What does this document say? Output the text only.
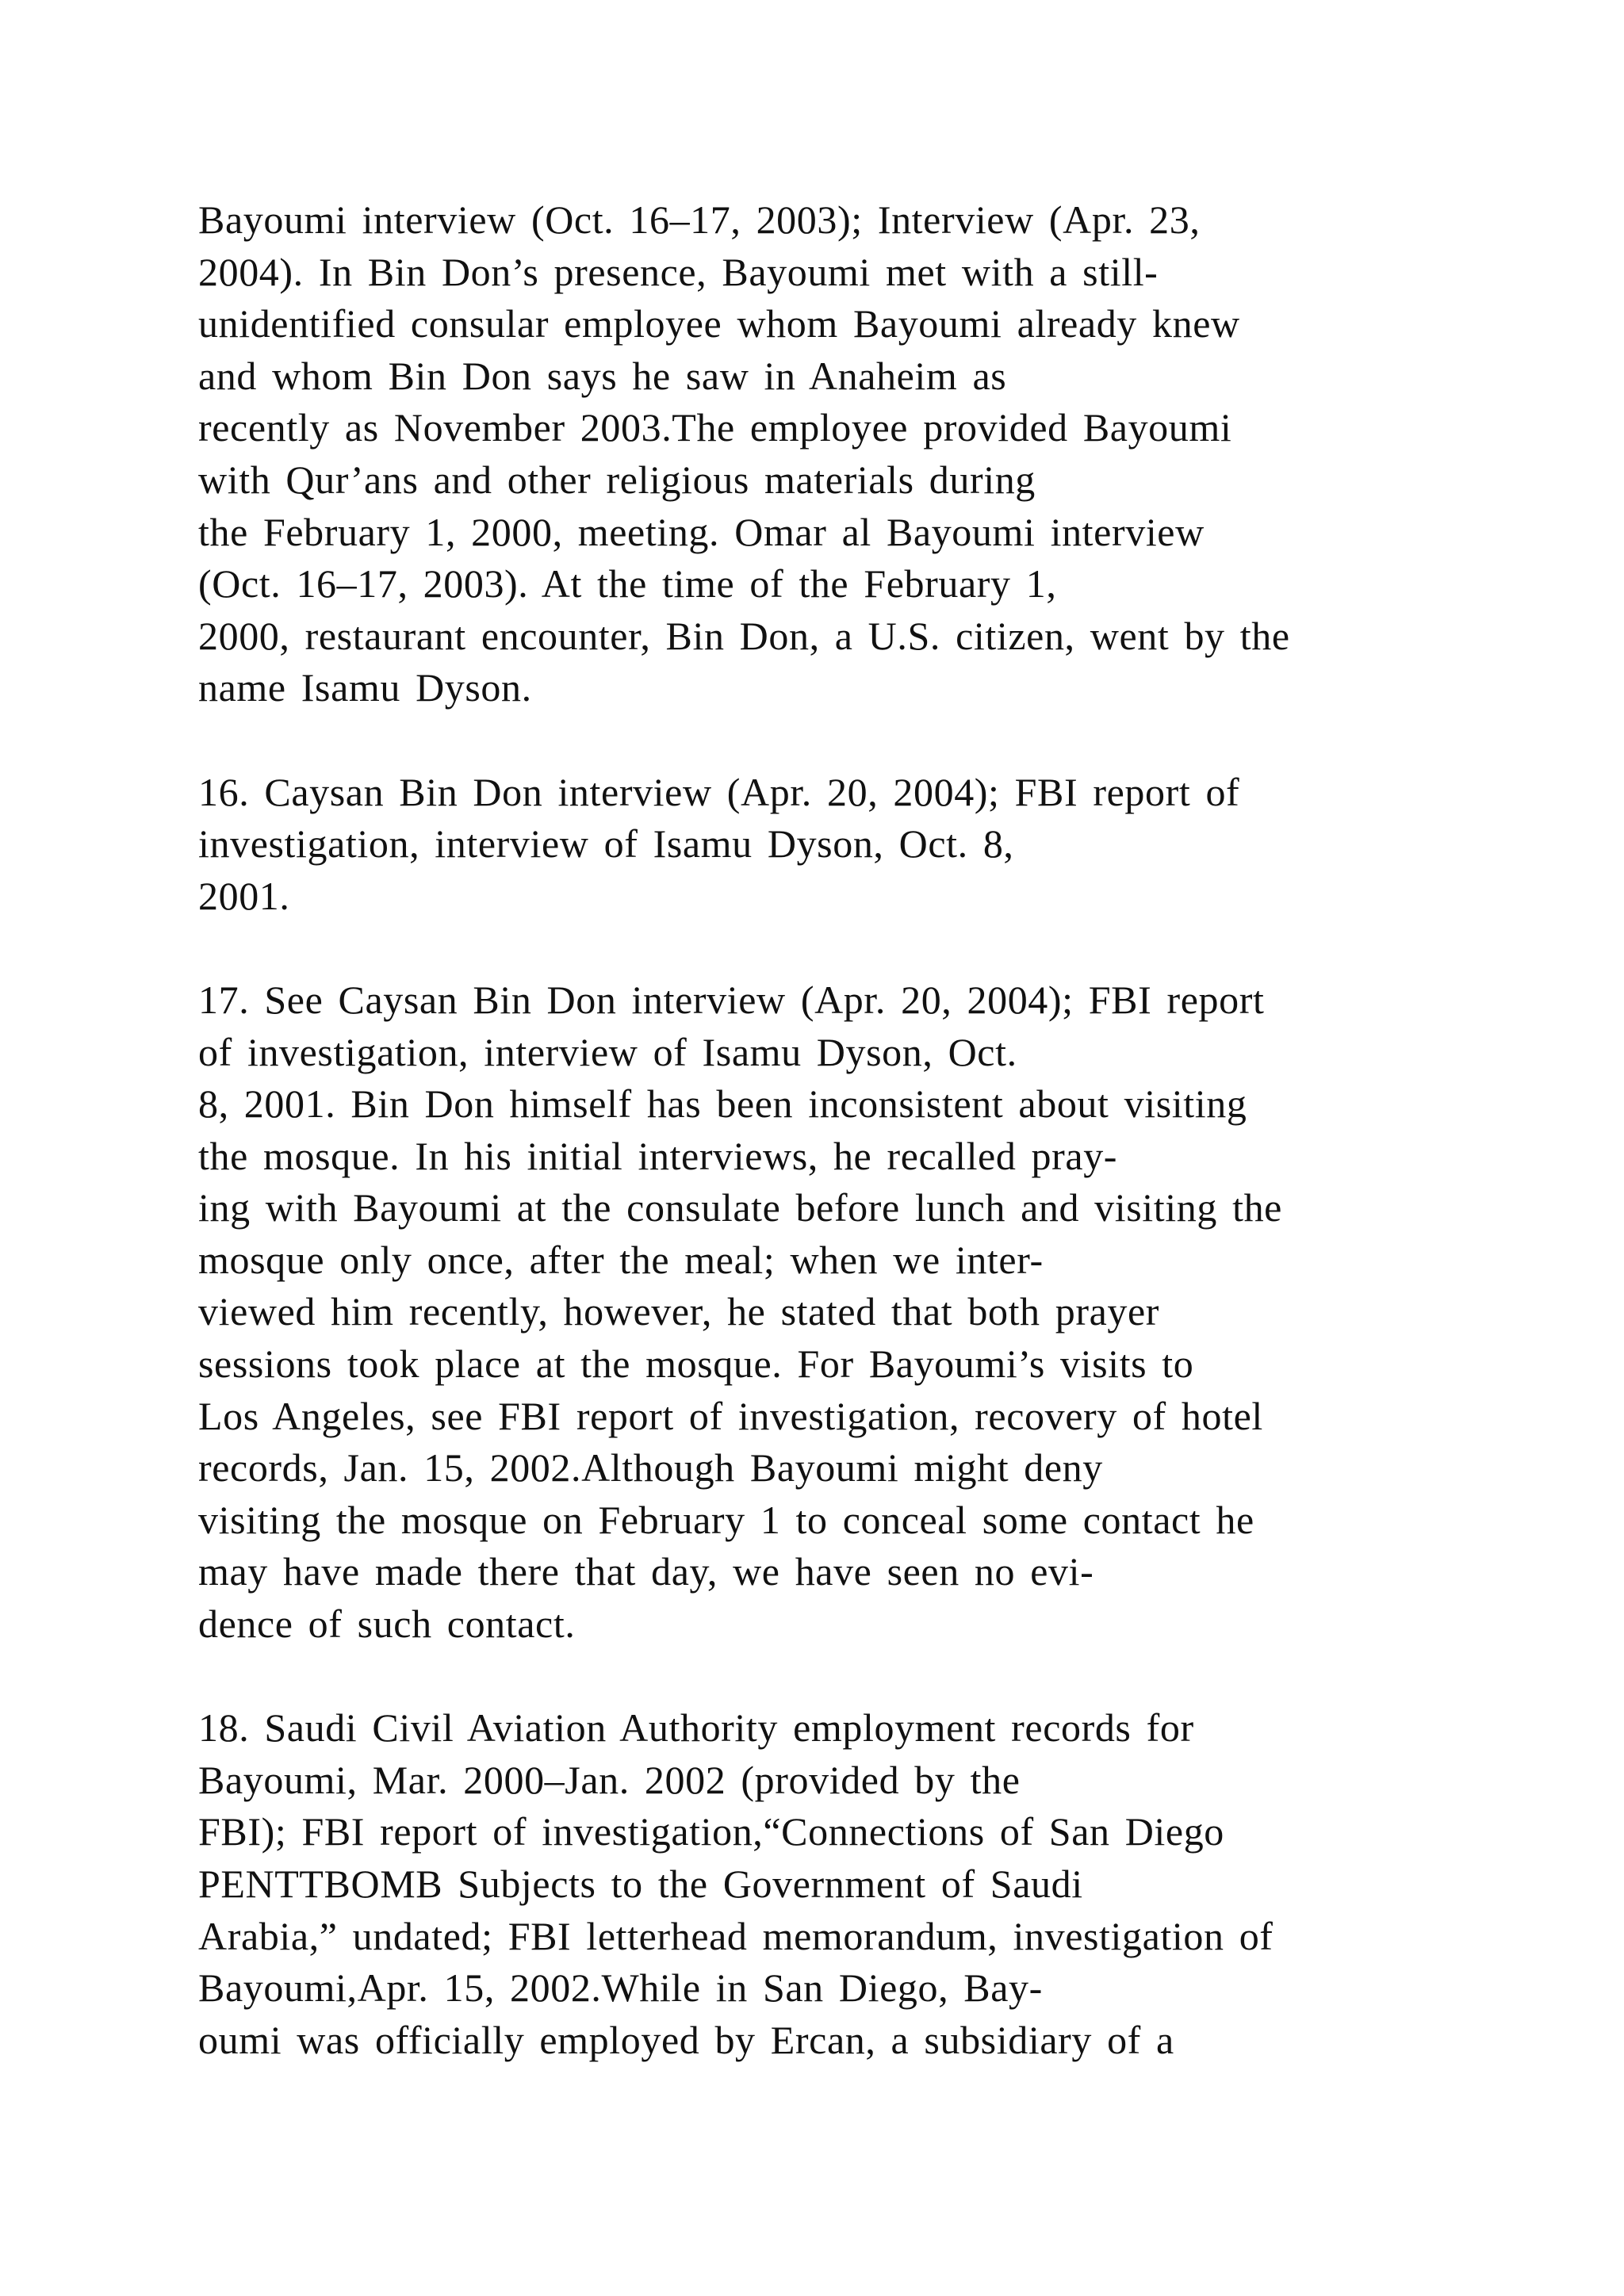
Bayoumi interview (Oct. 16–17, 2003); Interview (Apr. 23,
2004). In Bin Don’s presence, Bayoumi met with a still-
unidentified consular employee whom Bayoumi already knew
and whom Bin Don says he saw in Anaheim as
recently as November 2003.The employee provided Bayoumi
with Qur’ans and other religious materials during
the February 1, 2000, meeting. Omar al Bayoumi interview
(Oct. 16–17, 2003). At the time of the February 1,
2000, restaurant encounter, Bin Don, a U.S. citizen, went by the
name Isamu Dyson.

16. Caysan Bin Don interview (Apr. 20, 2004); FBI report of
investigation, interview of Isamu Dyson, Oct. 8,
2001.

17. See Caysan Bin Don interview (Apr. 20, 2004); FBI report
of investigation, interview of Isamu Dyson, Oct.
8, 2001. Bin Don himself has been inconsistent about visiting
the mosque. In his initial interviews, he recalled pray-
ing with Bayoumi at the consulate before lunch and visiting the
mosque only once, after the meal; when we inter-
viewed him recently, however, he stated that both prayer
sessions took place at the mosque. For Bayoumi’s visits to
Los Angeles, see FBI report of investigation, recovery of hotel
records, Jan. 15, 2002.Although Bayoumi might deny
visiting the mosque on February 1 to conceal some contact he
may have made there that day, we have seen no evi-
dence of such contact.

18. Saudi Civil Aviation Authority employment records for
Bayoumi, Mar. 2000–Jan. 2002 (provided by the
FBI); FBI report of investigation,“Connections of San Diego
PENTTBOMB Subjects to the Government of Saudi
Arabia,” undated; FBI letterhead memorandum, investigation of
Bayoumi,Apr. 15, 2002.While in San Diego, Bay-
oumi was officially employed by Ercan, a subsidiary of a
